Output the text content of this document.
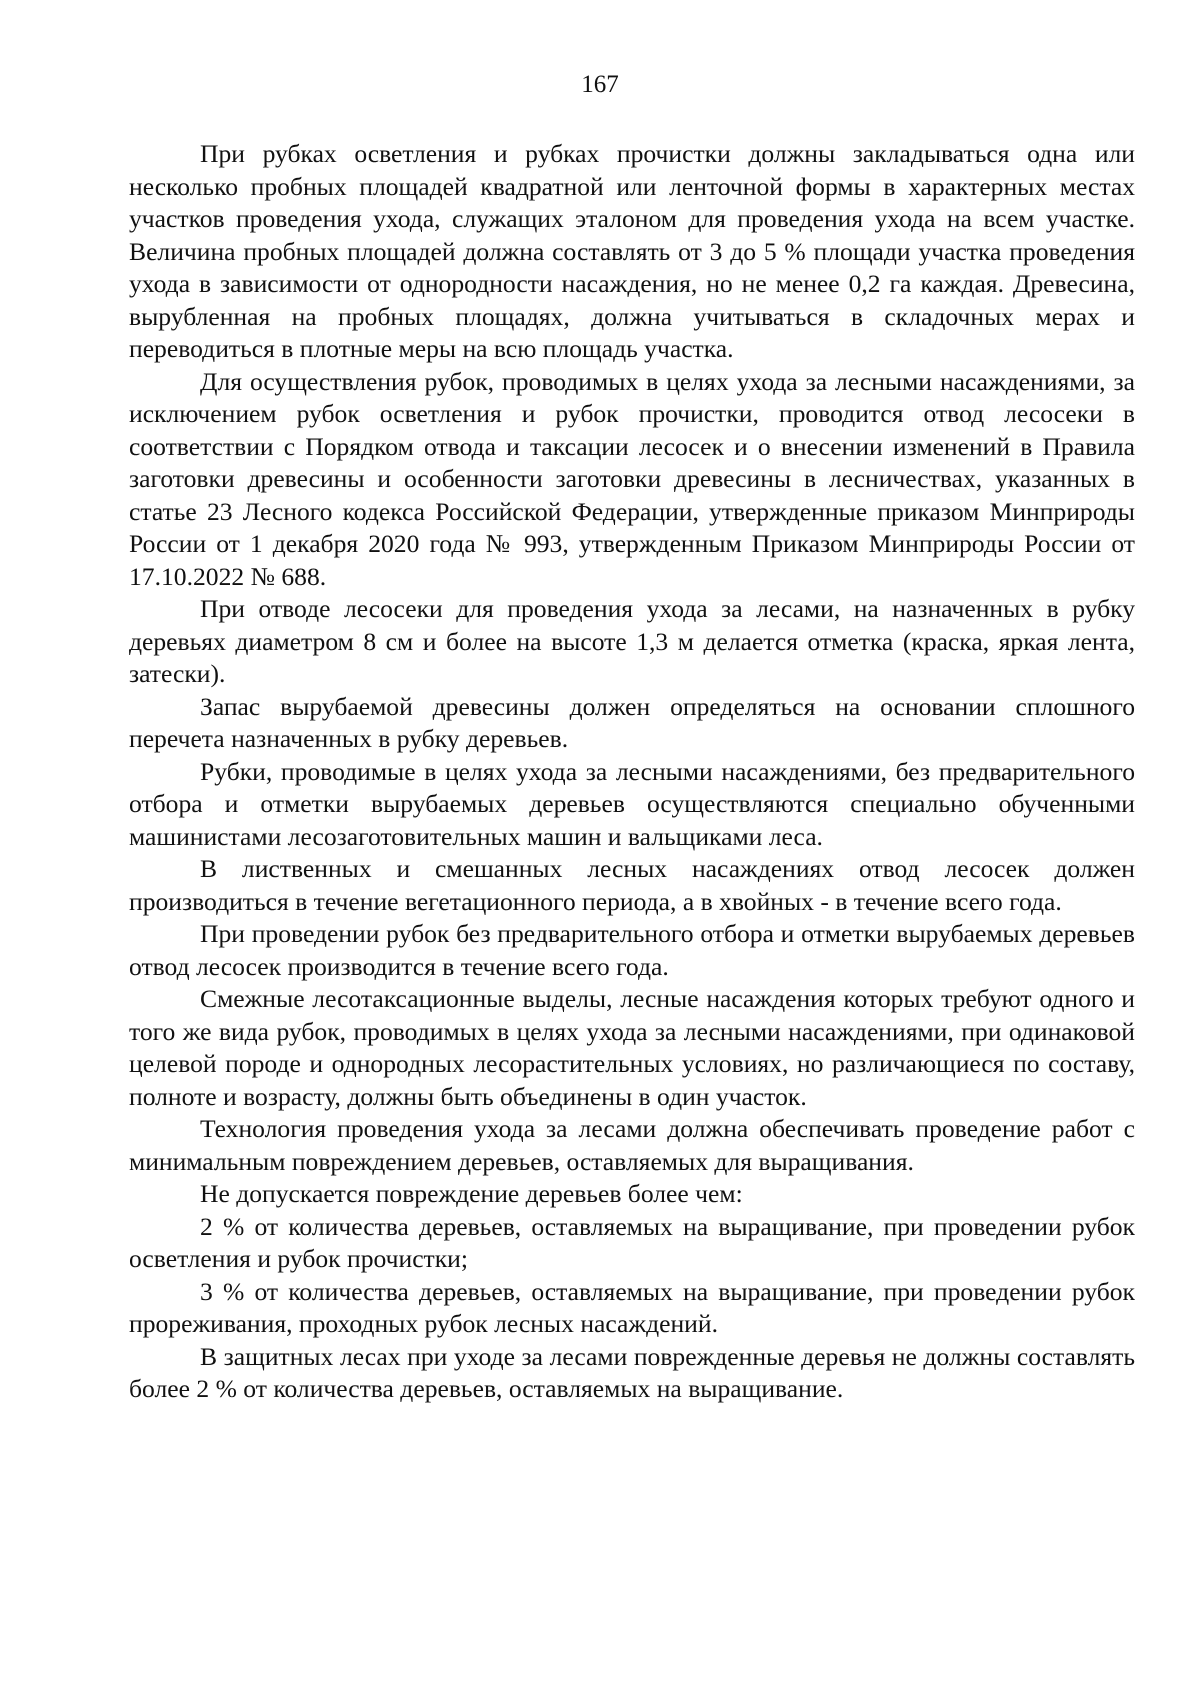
167

При рубках осветления и рубках прочистки должны закладываться одна или несколько пробных площадей квадратной или ленточной формы в характерных местах участков проведения ухода, служащих эталоном для проведения ухода на всем участке. Величина пробных площадей должна составлять от 3 до 5 % площади участка проведения ухода в зависимости от однородности насаждения, но не менее 0,2 га каждая. Древесина, вырубленная на пробных площадях, должна учитываться в складочных мерах и переводиться в плотные меры на всю площадь участка.

Для осуществления рубок, проводимых в целях ухода за лесными насаждениями, за исключением рубок осветления и рубок прочистки, проводится отвод лесосеки в соответствии с Порядком отвода и таксации лесосек и о внесении изменений в Правила заготовки древесины и особенности заготовки древесины в лесничествах, указанных в статье 23 Лесного кодекса Российской Федерации, утвержденные приказом Минприроды России от 1 декабря 2020 года № 993, утвержденным Приказом Минприроды России от 17.10.2022 № 688.

При отводе лесосеки для проведения ухода за лесами, на назначенных в рубку деревьях диаметром 8 см и более на высоте 1,3 м делается отметка (краска, яркая лента, затески).

Запас вырубаемой древесины должен определяться на основании сплошного перечета назначенных в рубку деревьев.

Рубки, проводимые в целях ухода за лесными насаждениями, без предварительного отбора и отметки вырубаемых деревьев осуществляются специально обученными машинистами лесозаготовительных машин и вальщиками леса.

В лиственных и смешанных лесных насаждениях отвод лесосек должен производиться в течение вегетационного периода, а в хвойных - в течение всего года.

При проведении рубок без предварительного отбора и отметки вырубаемых деревьев отвод лесосек производится в течение всего года.

Смежные лесотаксационные выделы, лесные насаждения которых требуют одного и того же вида рубок, проводимых в целях ухода за лесными насаждениями, при одинаковой целевой породе и однородных лесорастительных условиях, но различающиеся по составу, полноте и возрасту, должны быть объединены в один участок.

Технология проведения ухода за лесами должна обеспечивать проведение работ с минимальным повреждением деревьев, оставляемых для выращивания.

Не допускается повреждение деревьев более чем:

2 % от количества деревьев, оставляемых на выращивание, при проведении рубок осветления и рубок прочистки;

3 % от количества деревьев, оставляемых на выращивание, при проведении рубок прореживания, проходных рубок лесных насаждений.

В защитных лесах при уходе за лесами поврежденные деревья не должны составлять более 2 % от количества деревьев, оставляемых на выращивание.
